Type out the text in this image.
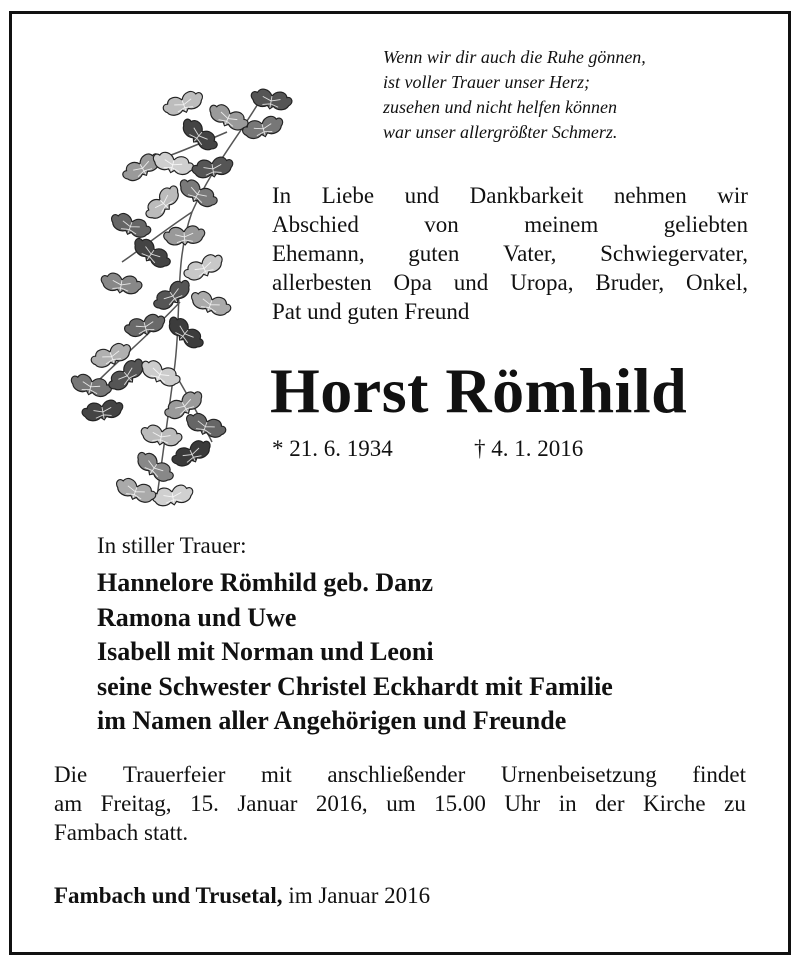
Wenn wir dir auch die Ruhe gönnen,
ist voller Trauer unser Herz;
zusehen und nicht helfen können
war unser allergrößter Schmerz.
In Liebe und Dankbarkeit nehmen wir
Abschied	von	meinem	geliebten
Ehemann, guten Vater, Schwiegervater,
allerbesten Opa und Uropa, Bruder, Onkel,
Pat und guten Freund
Horst Römhild
* 21. 6. 1934	† 4. 1. 2016
In stiller Trauer:
Hannelore Römhild geb. Danz
Ramona und Uwe
Isabell mit Norman und Leoni
seine Schwester Christel Eckhardt mit Familie
im Namen aller Angehörigen und Freunde
Die Trauerfeier mit anschließender Urnenbeisetzung findet
am Freitag, 15. Januar 2016, um 15.00 Uhr in der Kirche zu
Fambach statt.
Fambach und Trusetal, im Januar 2016
